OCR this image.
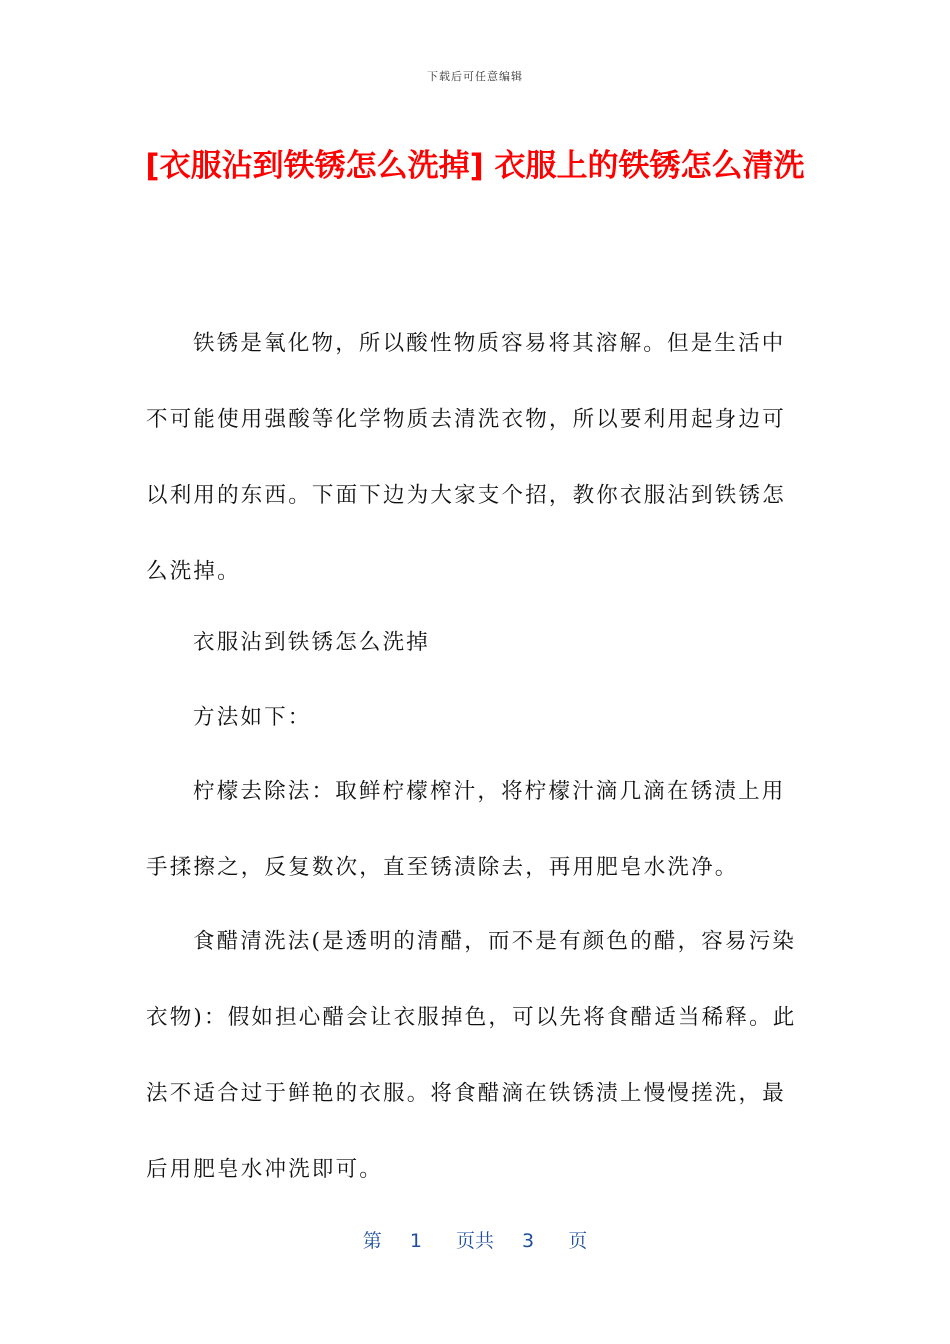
下载后可任意编辑
[衣服沾到铁锈怎么洗掉] 衣服上的铁锈怎么清洗

铁锈是氧化物，所以酸性物质容易将其溶解。但是生活中不可能使用强酸等化学物质去清洗衣物，所以要利用起身边可以利用的东西。下面下边为大家支个招，教你衣服沾到铁锈怎么洗掉。

衣服沾到铁锈怎么洗掉

方法如下：

柠檬去除法：取鲜柠檬榨汁，将柠檬汁滴几滴在锈渍上用手揉擦之，反复数次，直至锈渍除去，再用肥皂水洗净。

食醋清洗法(是透明的清醋，而不是有颜色的醋，容易污染衣物)：假如担心醋会让衣服掉色，可以先将食醋适当稀释。此法不适合过于鲜艳的衣服。将食醋滴在铁锈渍上慢慢搓洗，最后用肥皂水冲洗即可。

第 1 页共 3 页
